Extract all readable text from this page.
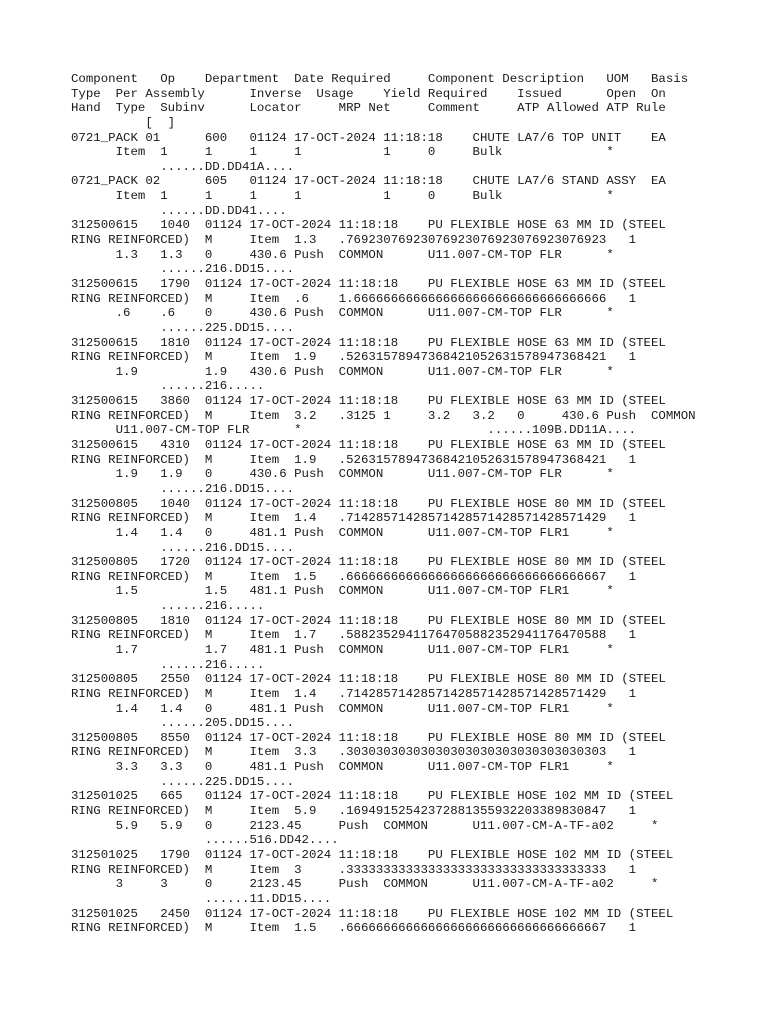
Component   Op    Department  Date Required     Component Description   UOM   Basis
Type  Per Assembly      Inverse  Usage    Yield Required    Issued      Open  On
Hand  Type  Subinv      Locator     MRP Net     Comment     ATP Allowed ATP Rule
[  ]
0721_PACK 01      600   01124 17-OCT-2024 11:18:18    CHUTE LA7/6 TOP UNIT    EA
Item  1     1     1     1           1     0     Bulk              *
......DD.DD41A....
0721_PACK 02      605   01124 17-OCT-2024 11:18:18    CHUTE LA7/6 STAND ASSY  EA
Item  1     1     1     1           1     0     Bulk              *
......DD.DD41....
312500615   1040  01124 17-OCT-2024 11:18:18    PU FLEXIBLE HOSE 63 MM ID (STEEL
RING REINFORCED)  M     Item  1.3   .76923076923076923076923076923076923   1
1.3   1.3   0     430.6 Push  COMMON      U11.007-CM-TOP FLR      *
......216.DD15....
312500615   1790  01124 17-OCT-2024 11:18:18    PU FLEXIBLE HOSE 63 MM ID (STEEL
RING REINFORCED)  M     Item  .6    1.6666666666666666666666666666666666   1
.6    .6    0     430.6 Push  COMMON      U11.007-CM-TOP FLR      *
......225.DD15....
312500615   1810  01124 17-OCT-2024 11:18:18    PU FLEXIBLE HOSE 63 MM ID (STEEL
RING REINFORCED)  M     Item  1.9   .52631578947368421052631578947368421   1
1.9         1.9   430.6 Push  COMMON      U11.007-CM-TOP FLR      *
......216.....
312500615   3860  01124 17-OCT-2024 11:18:18    PU FLEXIBLE HOSE 63 MM ID (STEEL
RING REINFORCED)  M     Item  3.2   .3125 1     3.2   3.2   0     430.6 Push  COMMON
U11.007-CM-TOP FLR      *                         ......109B.DD11A....
312500615   4310  01124 17-OCT-2024 11:18:18    PU FLEXIBLE HOSE 63 MM ID (STEEL
RING REINFORCED)  M     Item  1.9   .52631578947368421052631578947368421   1
1.9   1.9   0     430.6 Push  COMMON      U11.007-CM-TOP FLR      *
......216.DD15....
312500805   1040  01124 17-OCT-2024 11:18:18    PU FLEXIBLE HOSE 80 MM ID (STEEL
RING REINFORCED)  M     Item  1.4   .71428571428571428571428571428571429   1
1.4   1.4   0     481.1 Push  COMMON      U11.007-CM-TOP FLR1     *
......216.DD15....
312500805   1720  01124 17-OCT-2024 11:18:18    PU FLEXIBLE HOSE 80 MM ID (STEEL
RING REINFORCED)  M     Item  1.5   .66666666666666666666666666666666667   1
1.5         1.5   481.1 Push  COMMON      U11.007-CM-TOP FLR1     *
......216.....
312500805   1810  01124 17-OCT-2024 11:18:18    PU FLEXIBLE HOSE 80 MM ID (STEEL
RING REINFORCED)  M     Item  1.7   .58823529411764705882352941176470588   1
1.7         1.7   481.1 Push  COMMON      U11.007-CM-TOP FLR1     *
......216.....
312500805   2550  01124 17-OCT-2024 11:18:18    PU FLEXIBLE HOSE 80 MM ID (STEEL
RING REINFORCED)  M     Item  1.4   .71428571428571428571428571428571429   1
1.4   1.4   0     481.1 Push  COMMON      U11.007-CM-TOP FLR1     *
......205.DD15....
312500805   8550  01124 17-OCT-2024 11:18:18    PU FLEXIBLE HOSE 80 MM ID (STEEL
RING REINFORCED)  M     Item  3.3   .30303030303030303030303030303030303   1
3.3   3.3   0     481.1 Push  COMMON      U11.007-CM-TOP FLR1     *
......225.DD15....
312501025   665   01124 17-OCT-2024 11:18:18    PU FLEXIBLE HOSE 102 MM ID (STEEL
RING REINFORCED)  M     Item  5.9   .16949152542372881355932203389830847   1
5.9   5.9   0     2123.45     Push  COMMON      U11.007-CM-A-TF-a02     *
......516.DD42....
312501025   1790  01124 17-OCT-2024 11:18:18    PU FLEXIBLE HOSE 102 MM ID (STEEL
RING REINFORCED)  M     Item  3     .33333333333333333333333333333333333   1
3     3     0     2123.45     Push  COMMON      U11.007-CM-A-TF-a02     *
......11.DD15....
312501025   2450  01124 17-OCT-2024 11:18:18    PU FLEXIBLE HOSE 102 MM ID (STEEL
RING REINFORCED)  M     Item  1.5   .66666666666666666666666666666666667   1
